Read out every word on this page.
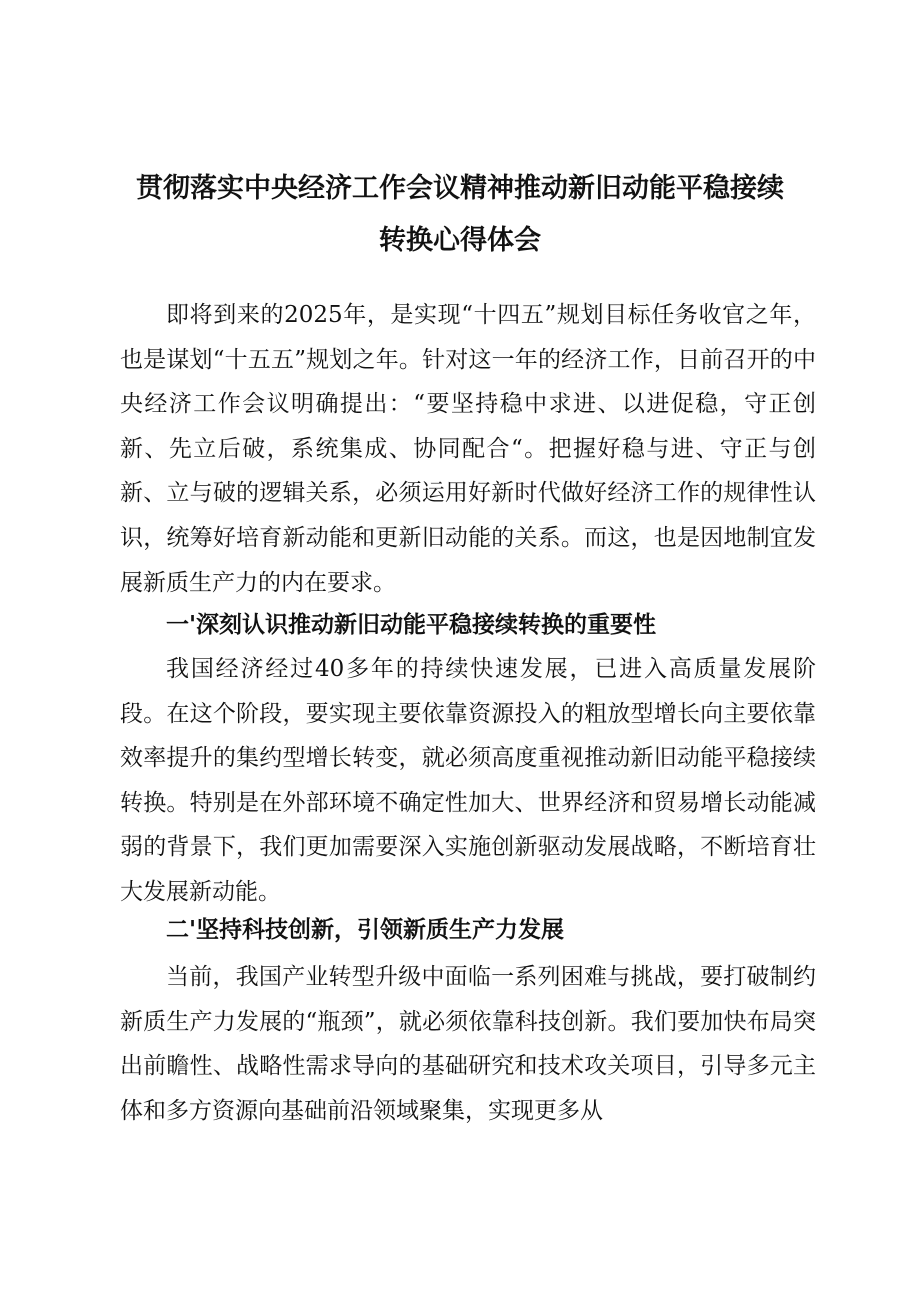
贯彻落实中央经济工作会议精神推动新旧动能平稳接续
转换心得体会

即将到来的2025年，是实现“十四五”规划目标任务收官之年，也是谋划“十五五”规划之年。针对这一年的经济工作，日前召开的中央经济工作会议明确提出：“要坚持稳中求进、以进促稳，守正创新、先立后破，系统集成、协同配合“。把握好稳与进、守正与创新、立与破的逻辑关系，必须运用好新时代做好经济工作的规律性认识，统筹好培育新动能和更新旧动能的关系。而这，也是因地制宜发展新质生产力的内在要求。

一'深刻认识推动新旧动能平稳接续转换的重要性

我国经济经过40多年的持续快速发展，已进入高质量发展阶段。在这个阶段，要实现主要依靠资源投入的粗放型增长向主要依靠效率提升的集约型增长转变，就必须高度重视推动新旧动能平稳接续转换。特别是在外部环境不确定性加大、世界经济和贸易增长动能减弱的背景下，我们更加需要深入实施创新驱动发展战略，不断培育壮大发展新动能。

二'坚持科技创新，引领新质生产力发展

当前，我国产业转型升级中面临一系列困难与挑战，要打破制约新质生产力发展的“瓶颈”，就必须依靠科技创新。我们要加快布局突出前瞻性、战略性需求导向的基础研究和技术攻关项目，引导多元主体和多方资源向基础前沿领域聚集，实现更多从
